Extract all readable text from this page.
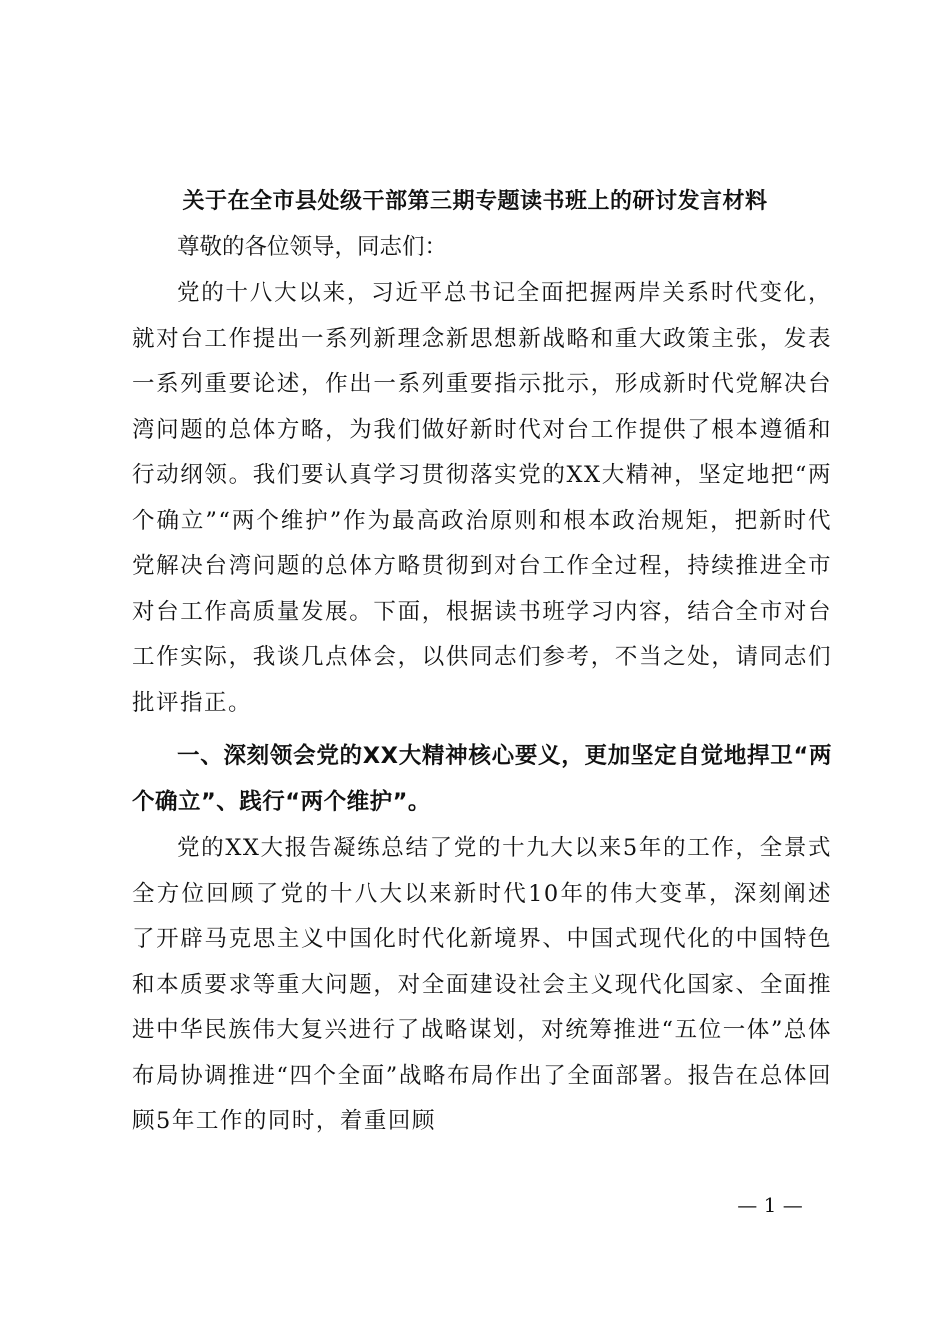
关于在全市县处级干部第三期专题读书班上的研讨发言材料
尊敬的各位领导，同志们：
党的十八大以来，习近平总书记全面把握两岸关系时代变化，就对台工作提出一系列新理念新思想新战略和重大政策主张，发表一系列重要论述，作出一系列重要指示批示，形成新时代党解决台湾问题的总体方略，为我们做好新时代对台工作提供了根本遵循和行动纲领。我们要认真学习贯彻落实党的XX大精神，坚定地把“两个确立”“两个维护”作为最高政治原则和根本政治规矩，把新时代党解决台湾问题的总体方略贯彻到对台工作全过程，持续推进全市对台工作高质量发展。下面，根据读书班学习内容，结合全市对台工作实际，我谈几点体会，以供同志们参考，不当之处，请同志们批评指正。
一、深刻领会党的XX大精神核心要义，更加坚定自觉地捍卫“两个确立”、践行“两个维护”。
党的XX大报告凝练总结了党的十九大以来5年的工作，全景式全方位回顾了党的十八大以来新时代10年的伟大变革，深刻阐述了开辟马克思主义中国化时代化新境界、中国式现代化的中国特色和本质要求等重大问题，对全面建设社会主义现代化国家、全面推进中华民族伟大复兴进行了战略谋划，对统筹推进“五位一体”总体布局协调推进“四个全面”战略布局作出了全面部署。报告在总体回顾5年工作的同时，着重回顾
— 1 —
